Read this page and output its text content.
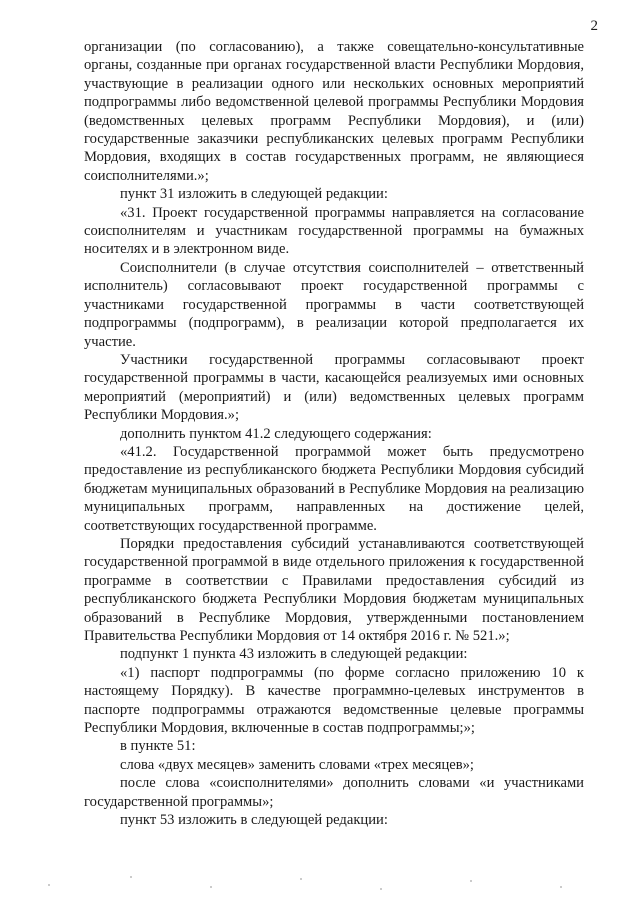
2

организации (по согласованию), а также совещательно-консультативные органы, созданные при органах государственной власти Республики Мордовия, участвующие в реализации одного или нескольких основных мероприятий подпрограммы либо ведомственной целевой программы Республики Мордовия (ведомственных целевых программ Республики Мордовия), и (или) государственные заказчики республиканских целевых программ Республики Мордовия, входящих в состав государственных программ, не являющиеся соисполнителями.»;

пункт 31 изложить в следующей редакции:

«31. Проект государственной программы направляется на согласование соисполнителям и участникам государственной программы на бумажных носителях и в электронном виде.

Соисполнители (в случае отсутствия соисполнителей – ответственный исполнитель) согласовывают проект государственной программы с участниками государственной программы в части соответствующей подпрограммы (подпрограмм), в реализации которой предполагается их участие.

Участники государственной программы согласовывают проект государственной программы в части, касающейся реализуемых ими основных мероприятий (мероприятий) и (или) ведомственных целевых программ Республики Мордовия.»;

дополнить пунктом 41.2 следующего содержания:

«41.2. Государственной программой может быть предусмотрено предоставление из республиканского бюджета Республики Мордовия субсидий бюджетам муниципальных образований в Республике Мордовия на реализацию муниципальных программ, направленных на достижение целей, соответствующих государственной программе.

Порядки предоставления субсидий устанавливаются соответствующей государственной программой в виде отдельного приложения к государственной программе в соответствии с Правилами предоставления субсидий из республиканского бюджета Республики Мордовия бюджетам муниципальных образований в Республике Мордовия, утвержденными постановлением Правительства Республики Мордовия от 14 октября 2016 г. № 521.»;

подпункт 1 пункта 43 изложить в следующей редакции:

«1) паспорт подпрограммы (по форме согласно приложению 10 к настоящему Порядку). В качестве программно-целевых инструментов в паспорте подпрограммы отражаются ведомственные целевые программы Республики Мордовия, включенные в состав подпрограммы;»;

в пункте 51:

слова «двух месяцев» заменить словами «трех месяцев»;

после слова «соисполнителями» дополнить словами «и участниками государственной программы»;

пункт 53 изложить в следующей редакции:
